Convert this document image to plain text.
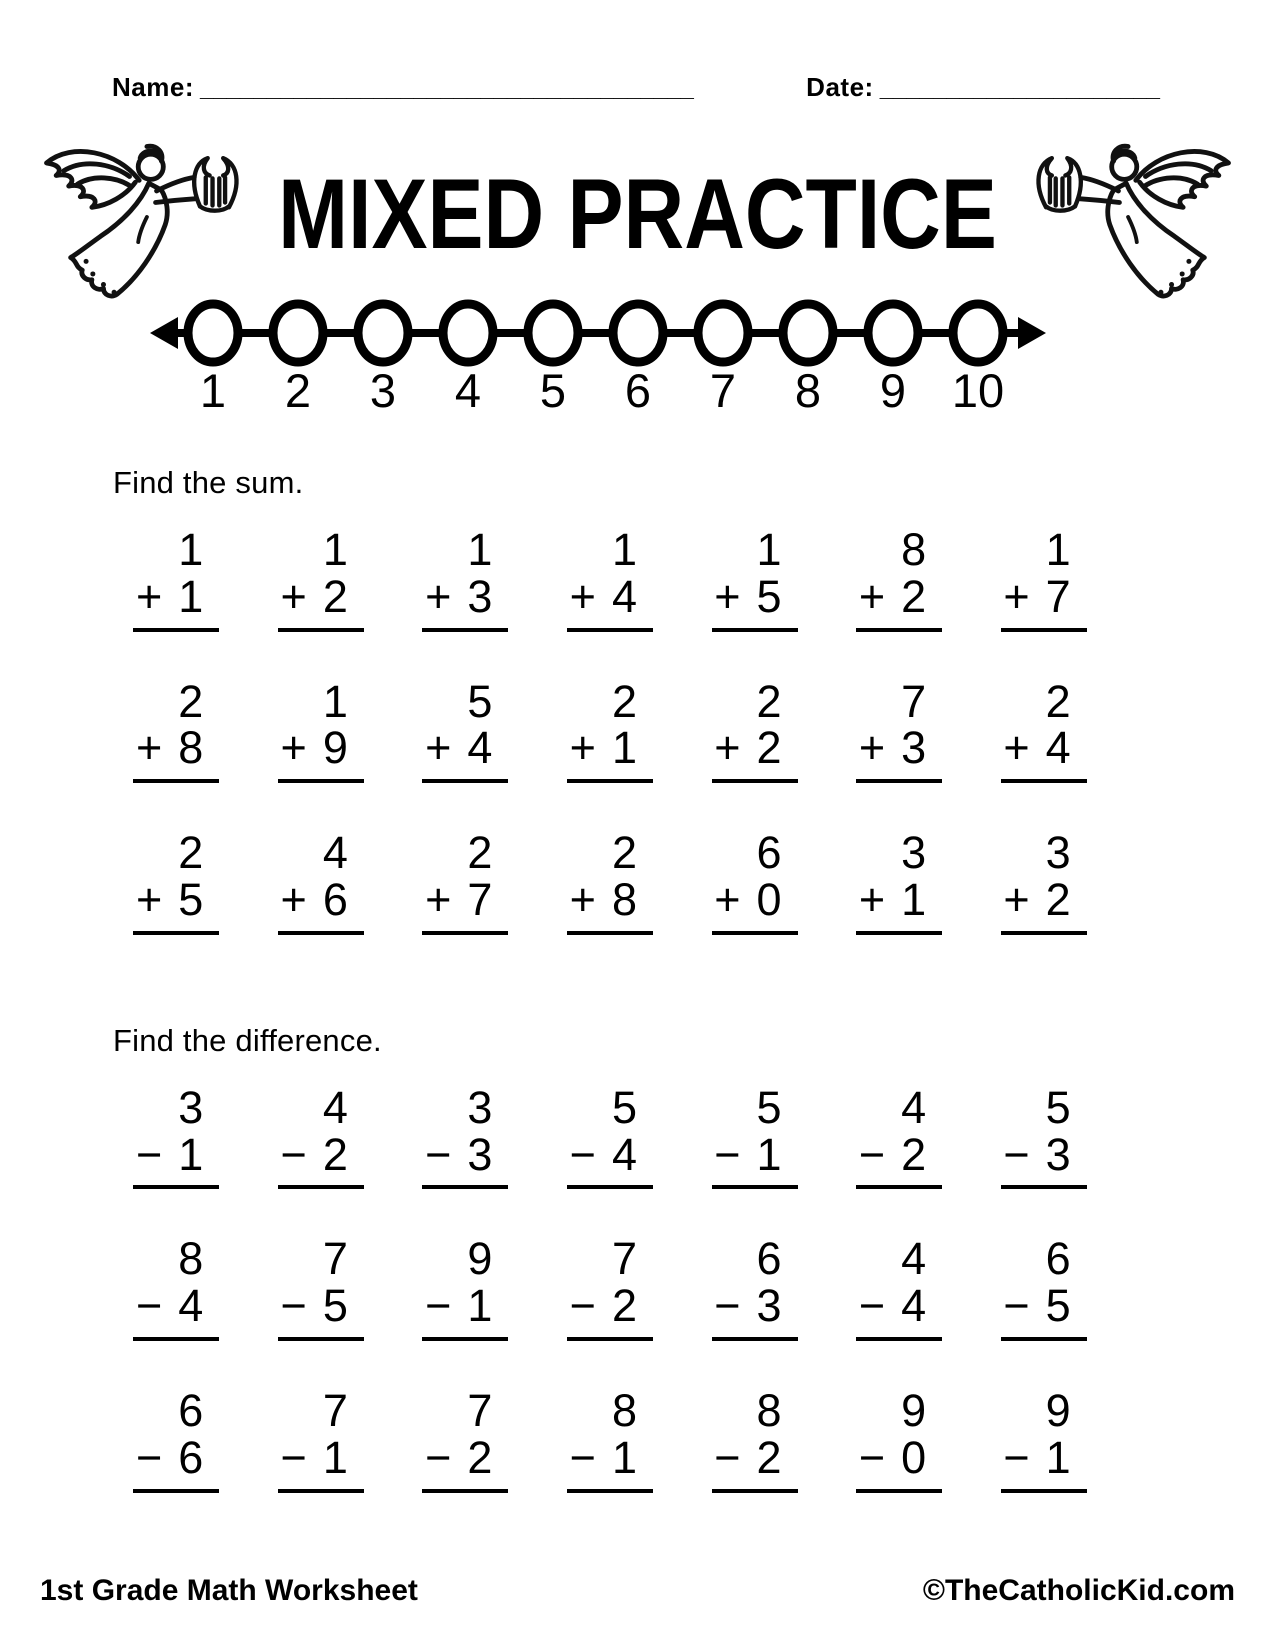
Name: _____________________________________	Date: _____________________
MIXED PRACTICE
1 2 3 4 5 6 7 8 9 10

Find the sum.

1
+ 1
1
+ 2
1
+ 3
1
+ 4
1
+ 5
8
+ 2
1
+ 7
2
+ 8
1
+ 9
5
+ 4
2
+ 1
2
+ 2
7
+ 3
2
+ 4
2
+ 5
4
+ 6
2
+ 7
2
+ 8
6
+ 0
3
+ 1
3
+ 2

Find the difference.

3
− 1
4
− 2
3
− 3
5
− 4
5
− 1
4
− 2
5
− 3
8
− 4
7
− 5
9
− 1
7
− 2
6
− 3
4
− 4
6
− 5
6
− 6
7
− 1
7
− 2
8
− 1
8
− 2
9
− 0
9
− 1
1st Grade Math Worksheet	©TheCatholicKid.com
